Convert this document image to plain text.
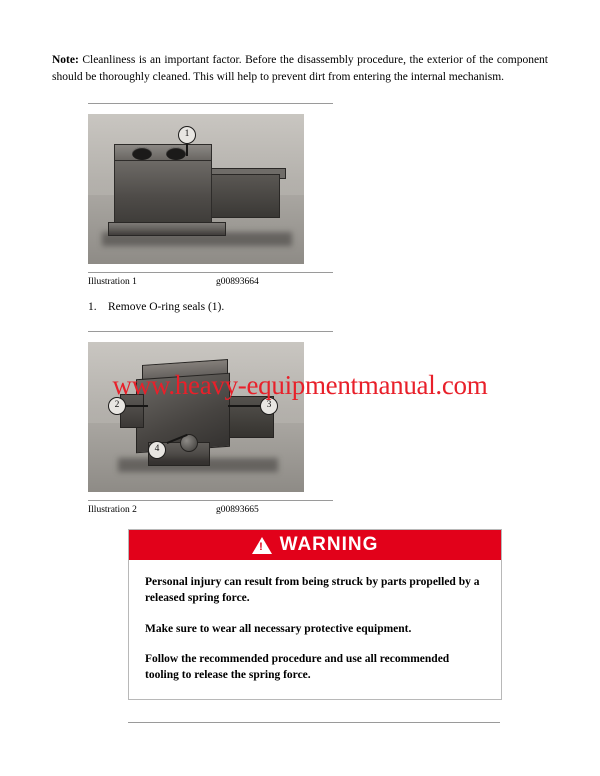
Note: Cleanliness is an important factor. Before the disassembly procedure, the exterior of the component should be thoroughly cleaned. This will help to prevent dirt from entering the internal mechanism.
1
Illustration 1	g00893664
1. Remove O-ring seals (1).
2	3
4
Illustration 2	g00893665
!
WARNING

Personal injury can result from being struck by parts propelled by a released spring force.

Make sure to wear all necessary protective equipment.

Follow the recommended procedure and use all recommended tooling to release the spring force.

www.heavy-equipmentmanual.com
